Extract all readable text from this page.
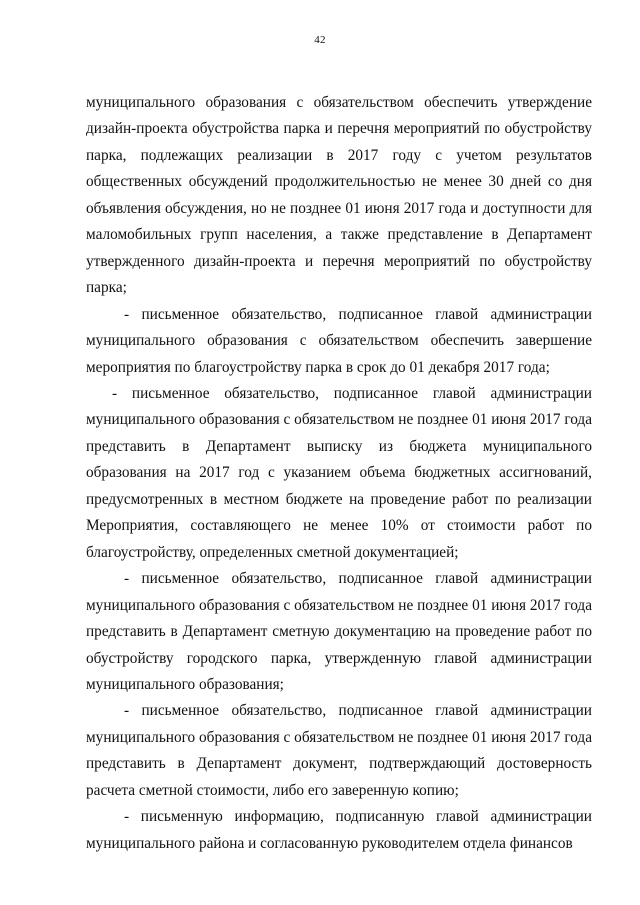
42

муниципального образования с обязательством обеспечить утверждение дизайн-проекта обустройства парка и перечня мероприятий по обустройству парка, подлежащих реализации в 2017 году с учетом результатов общественных обсуждений продолжительностью не менее 30 дней со дня объявления обсуждения, но не позднее 01 июня 2017 года и доступности для маломобильных групп населения, а также представление в Департамент утвержденного дизайн-проекта и перечня мероприятий по обустройству парка;

- письменное обязательство, подписанное главой администрации муниципального образования с обязательством обеспечить завершение мероприятия по благоустройству парка в срок до 01 декабря 2017 года;

- письменное обязательство, подписанное главой администрации муниципального образования с обязательством не позднее 01 июня 2017 года представить в Департамент выписку из бюджета муниципального образования на 2017 год с указанием объема бюджетных ассигнований, предусмотренных в местном бюджете на проведение работ по реализации Мероприятия, составляющего не менее 10% от стоимости работ по благоустройству, определенных сметной документацией;

- письменное обязательство, подписанное главой администрации муниципального образования с обязательством не позднее 01 июня 2017 года представить в Департамент сметную документацию на проведение работ по обустройству городского парка, утвержденную главой администрации муниципального образования;

- письменное обязательство, подписанное главой администрации муниципального образования с обязательством не позднее 01 июня 2017 года представить в Департамент документ, подтверждающий достоверность расчета сметной стоимости, либо его заверенную копию;

- письменную информацию, подписанную главой администрации муниципального района и согласованную руководителем отдела финансов
